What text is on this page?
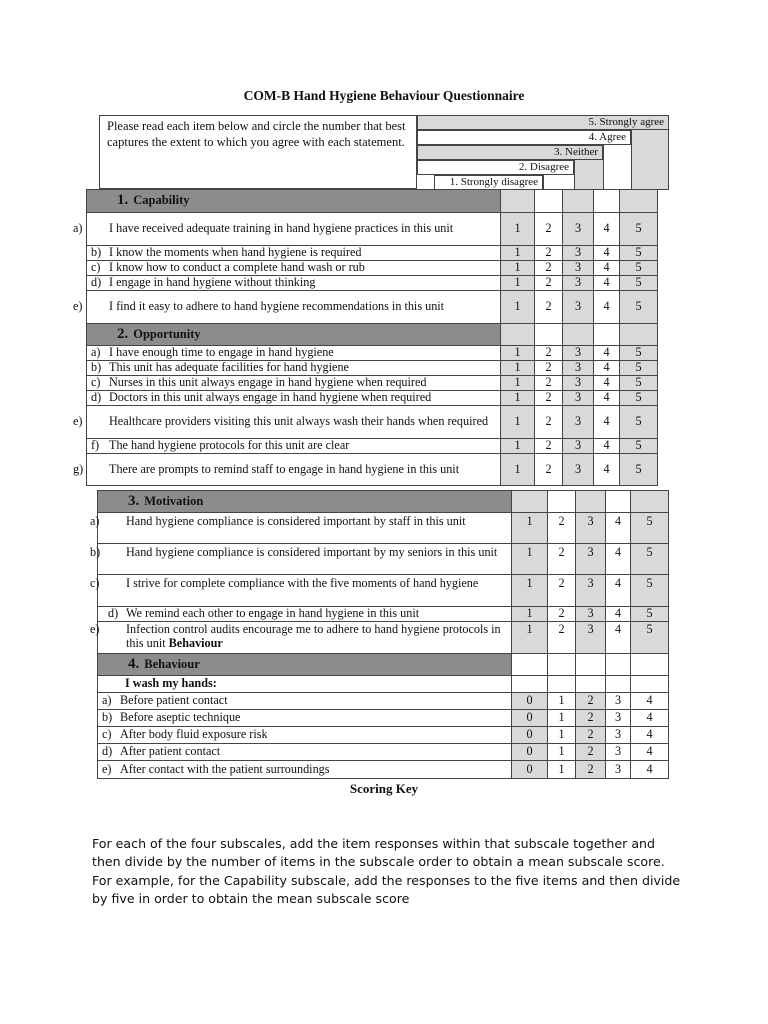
COM-B Hand Hygiene Behaviour Questionnaire
Please read each item below and circle the number that best captures the extent to which you agree with each statement.
5. Strongly agree
4. Agree
3. Neither
2. Disagree
1. Strongly disagree
1. Capability					

a) I have received adequate training in hand hygiene practices in this unit	1	2	3	4	5
b) I know the moments when hand hygiene is required	1	2	3	4	5
c) I know how to conduct a complete hand wash or rub	1	2	3	4	5
d) I engage in hand hygiene without thinking	1	2	3	4	5

e) I find it easy to adhere to hand hygiene recommendations in this unit	1	2	3	4	5
2. Opportunity					
a) I have enough time to engage in hand hygiene	1	2	3	4	5
b) This unit has adequate facilities for hand hygiene	1	2	3	4	5
c) Nurses in this unit always engage in hand hygiene when required	1	2	3	4	5
d) Doctors in this unit always engage in hand hygiene when required	1	2	3	4	5

e) Healthcare providers visiting this unit always wash their hands when required	1	2	3	4	5
f) The hand hygiene protocols for this unit are clear	1	2	3	4	5

g) There are prompts to remind staff to engage in hand hygiene in this unit	1	2	3	4	5
3. Motivation					

a) Hand hygiene compliance is considered important by staff in this unit	1	2	3	4	5

b) Hand hygiene compliance is considered important by my seniors in this unit	1	2	3	4	5

c) I strive for complete compliance with the five moments of hand hygiene	1	2	3	4	5
d) We remind each other to engage in hand hygiene in this unit	1	2	3	4	5

e) Infection control audits encourage me to adhere to hand hygiene protocols in this unit Behaviour	1	2	3	4	5
4. Behaviour					
I wash my hands:					
a) Before patient contact	0	1	2	3	4
b) Before aseptic technique	0	1	2	3	4
c) After body fluid exposure risk	0	1	2	3	4
d) After patient contact	0	1	2	3	4
e) After contact with the patient surroundings	0	1	2	3	4
Scoring Key
For each of the four subscales, add the item responses within that subscale together and then divide by the number of items in the subscale order to obtain a mean subscale score. For example, for the Capability subscale, add the responses to the five items and then divide by five in order to obtain the mean subscale score
